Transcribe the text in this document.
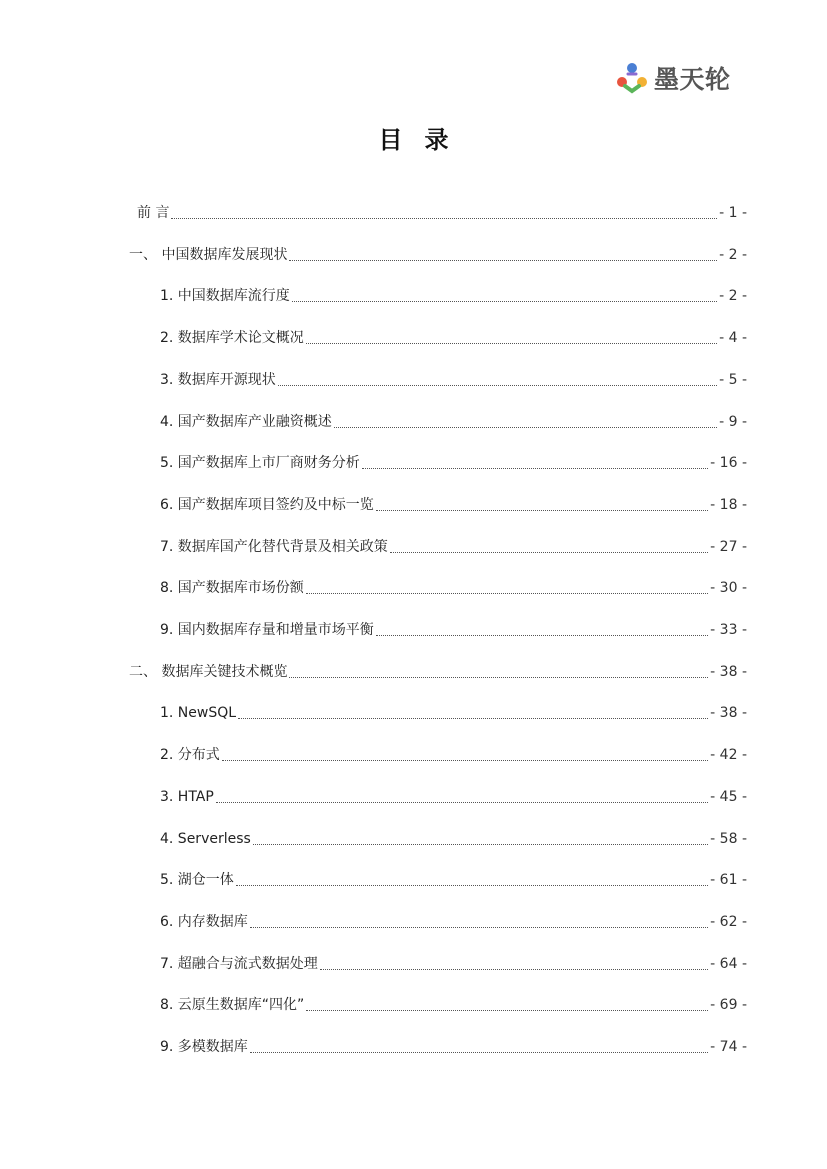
墨天轮
目录
前 言	- 1 -
一、 中国数据库发展现状	- 2 -
1. 中国数据库流行度	- 2 -
2. 数据库学术论文概况	- 4 -
3. 数据库开源现状	- 5 -
4. 国产数据库产业融资概述	- 9 -
5. 国产数据库上市厂商财务分析	- 16 -
6. 国产数据库项目签约及中标一览	- 18 -
7. 数据库国产化替代背景及相关政策	- 27 -
8. 国产数据库市场份额	- 30 -
9. 国内数据库存量和增量市场平衡	- 33 -
二、 数据库关键技术概览	- 38 -
1. NewSQL	- 38 -
2. 分布式	- 42 -
3. HTAP	- 45 -
4. Serverless	- 58 -
5. 湖仓一体	- 61 -
6. 内存数据库	- 62 -
7. 超融合与流式数据处理	- 64 -
8. 云原生数据库“四化”	- 69 -
9. 多模数据库	- 74 -
